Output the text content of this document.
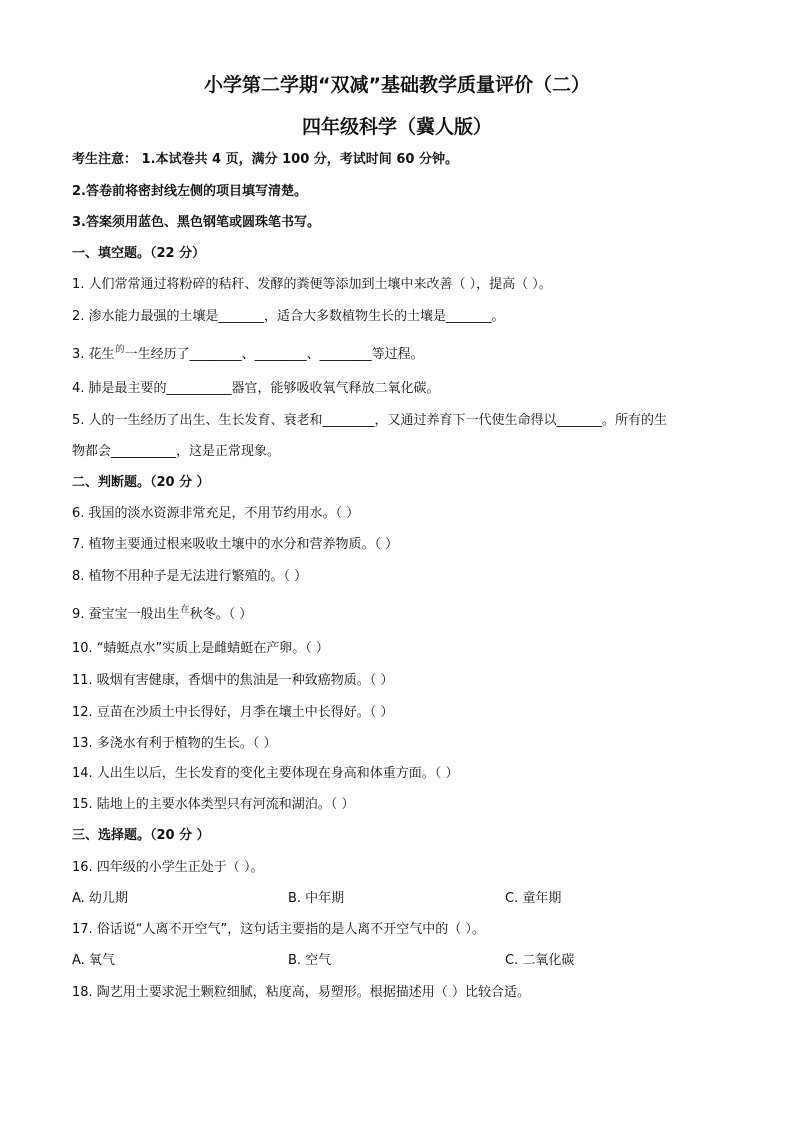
小学第二学期“双减”基础教学质量评价（二）
四年级科学（冀人版）
考生注意： 1.本试卷共 4 页，满分 100 分，考试时间 60 分钟。
2.答卷前将密封线左侧的项目填写清楚。
3.答案须用蓝色、黑色钢笔或圆珠笔书写。
一、填空题。（22 分）
1. 人们常常通过将粉碎的秸秆、发酵的粪便等添加到土壤中来改善（ ），提高（ ）。
2. 渗水能力最强的土壤是_______，适合大多数植物生长的土壤是_______。
3. 花生$^的$一生经历了________、________、________等过程。
4. 肺是最主要的__________器官，能够吸收氧气释放二氧化碳。
5. 人的一生经历了出生、生长发育、衰老和________，又通过养育下一代使生命得以_______。所有的生
物都会__________，这是正常现象。
二、判断题。（20 分 ）
6. 我国的淡水资源非常充足，不用节约用水。（ ）
7. 植物主要通过根来吸收土壤中的水分和营养物质。（ ）
8. 植物不用种子是无法进行繁殖的。（ ）
9. 蚕宝宝一般出生$^在$秋冬。（ ）
10. “蜻蜓点水”实质上是雌蜻蜓在产卵。（ ）
11. 吸烟有害健康，香烟中的焦油是一种致癌物质。（ ）
12. 豆苗在沙质土中长得好，月季在壤土中长得好。（ ）
13. 多浇水有利于植物的生长。（ ）
14. 人出生以后，生长发育的变化主要体现在身高和体重方面。（ ）
15. 陆地上的主要水体类型只有河流和湖泊。（ ）
三、选择题。（20 分 ）
16. 四年级的小学生正处于（ ）。
A. 幼儿期	B. 中年期	C. 童年期
17. 俗话说“人离不开空气”，这句话主要指的是人离不开空气中的（ ）。
A. 氧气	B. 空气	C. 二氧化碳
18. 陶艺用土要求泥土颗粒细腻，粘度高，易塑形。根据描述用（ ）比较合适。
